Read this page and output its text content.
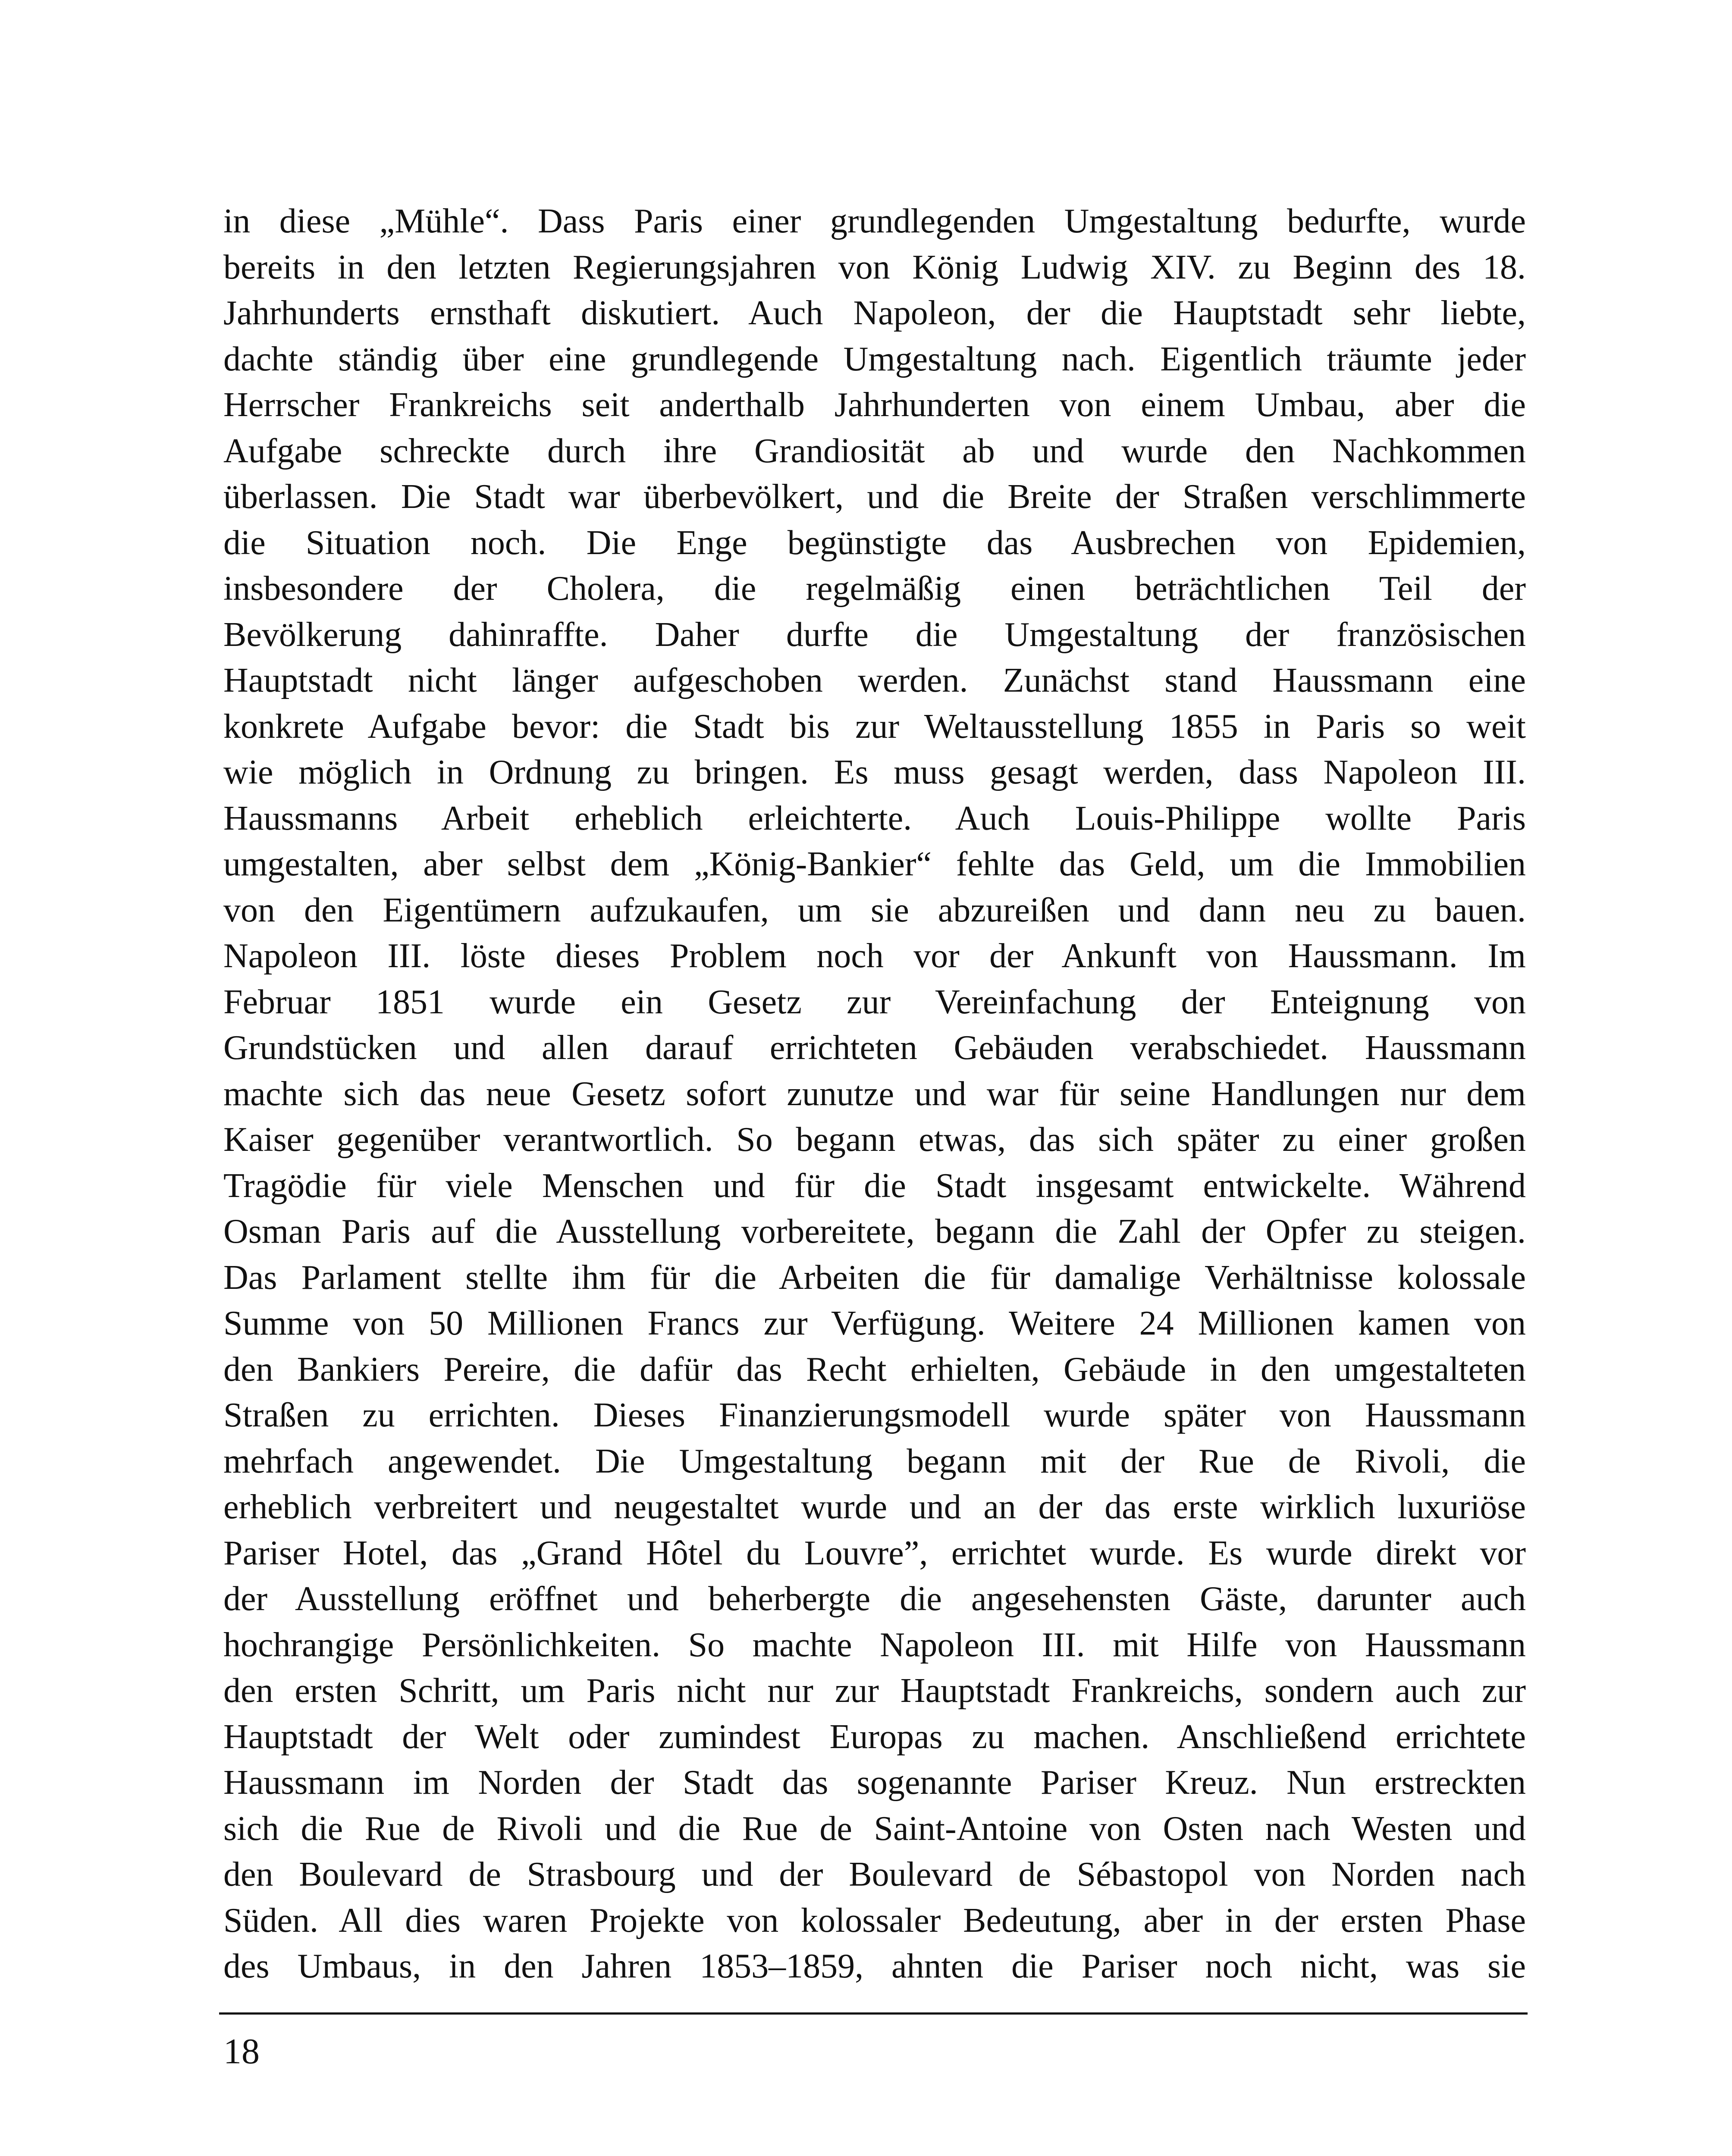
in diese „Mühle“. Dass Paris einer grundlegenden Umgestaltung bedurfte, wurde
bereits in den letzten Regierungsjahren von König Ludwig XIV. zu Beginn des 18.
Jahrhunderts ernsthaft diskutiert. Auch Napoleon, der die Hauptstadt sehr liebte,
dachte ständig über eine grundlegende Umgestaltung nach. Eigentlich träumte jeder
Herrscher Frankreichs seit anderthalb Jahrhunderten von einem Umbau, aber die
Aufgabe schreckte durch ihre Grandiosität ab und wurde den Nachkommen
überlassen. Die Stadt war überbevölkert, und die Breite der Straßen verschlimmerte
die Situation noch. Die Enge begünstigte das Ausbrechen von Epidemien,
insbesondere der Cholera, die regelmäßig einen beträchtlichen Teil der
Bevölkerung dahinraffte. Daher durfte die Umgestaltung der französischen
Hauptstadt nicht länger aufgeschoben werden. Zunächst stand Haussmann eine
konkrete Aufgabe bevor: die Stadt bis zur Weltausstellung 1855 in Paris so weit
wie möglich in Ordnung zu bringen. Es muss gesagt werden, dass Napoleon III.
Haussmanns Arbeit erheblich erleichterte. Auch Louis-Philippe wollte Paris
umgestalten, aber selbst dem „König-Bankier“ fehlte das Geld, um die Immobilien
von den Eigentümern aufzukaufen, um sie abzureißen und dann neu zu bauen.
Napoleon III. löste dieses Problem noch vor der Ankunft von Haussmann. Im
Februar 1851 wurde ein Gesetz zur Vereinfachung der Enteignung von
Grundstücken und allen darauf errichteten Gebäuden verabschiedet. Haussmann
machte sich das neue Gesetz sofort zunutze und war für seine Handlungen nur dem
Kaiser gegenüber verantwortlich. So begann etwas, das sich später zu einer großen
Tragödie für viele Menschen und für die Stadt insgesamt entwickelte. Während
Osman Paris auf die Ausstellung vorbereitete, begann die Zahl der Opfer zu steigen.
Das Parlament stellte ihm für die Arbeiten die für damalige Verhältnisse kolossale
Summe von 50 Millionen Francs zur Verfügung. Weitere 24 Millionen kamen von
den Bankiers Pereire, die dafür das Recht erhielten, Gebäude in den umgestalteten
Straßen zu errichten. Dieses Finanzierungsmodell wurde später von Haussmann
mehrfach angewendet. Die Umgestaltung begann mit der Rue de Rivoli, die
erheblich verbreitert und neugestaltet wurde und an der das erste wirklich luxuriöse
Pariser Hotel, das „Grand Hôtel du Louvre”, errichtet wurde. Es wurde direkt vor
der Ausstellung eröffnet und beherbergte die angesehensten Gäste, darunter auch
hochrangige Persönlichkeiten. So machte Napoleon III. mit Hilfe von Haussmann
den ersten Schritt, um Paris nicht nur zur Hauptstadt Frankreichs, sondern auch zur
Hauptstadt der Welt oder zumindest Europas zu machen. Anschließend errichtete
Haussmann im Norden der Stadt das sogenannte Pariser Kreuz. Nun erstreckten
sich die Rue de Rivoli und die Rue de Saint-Antoine von Osten nach Westen und
den Boulevard de Strasbourg und der Boulevard de Sébastopol von Norden nach
Süden. All dies waren Projekte von kolossaler Bedeutung, aber in der ersten Phase
des Umbaus, in den Jahren 1853–1859, ahnten die Pariser noch nicht, was sie
18
